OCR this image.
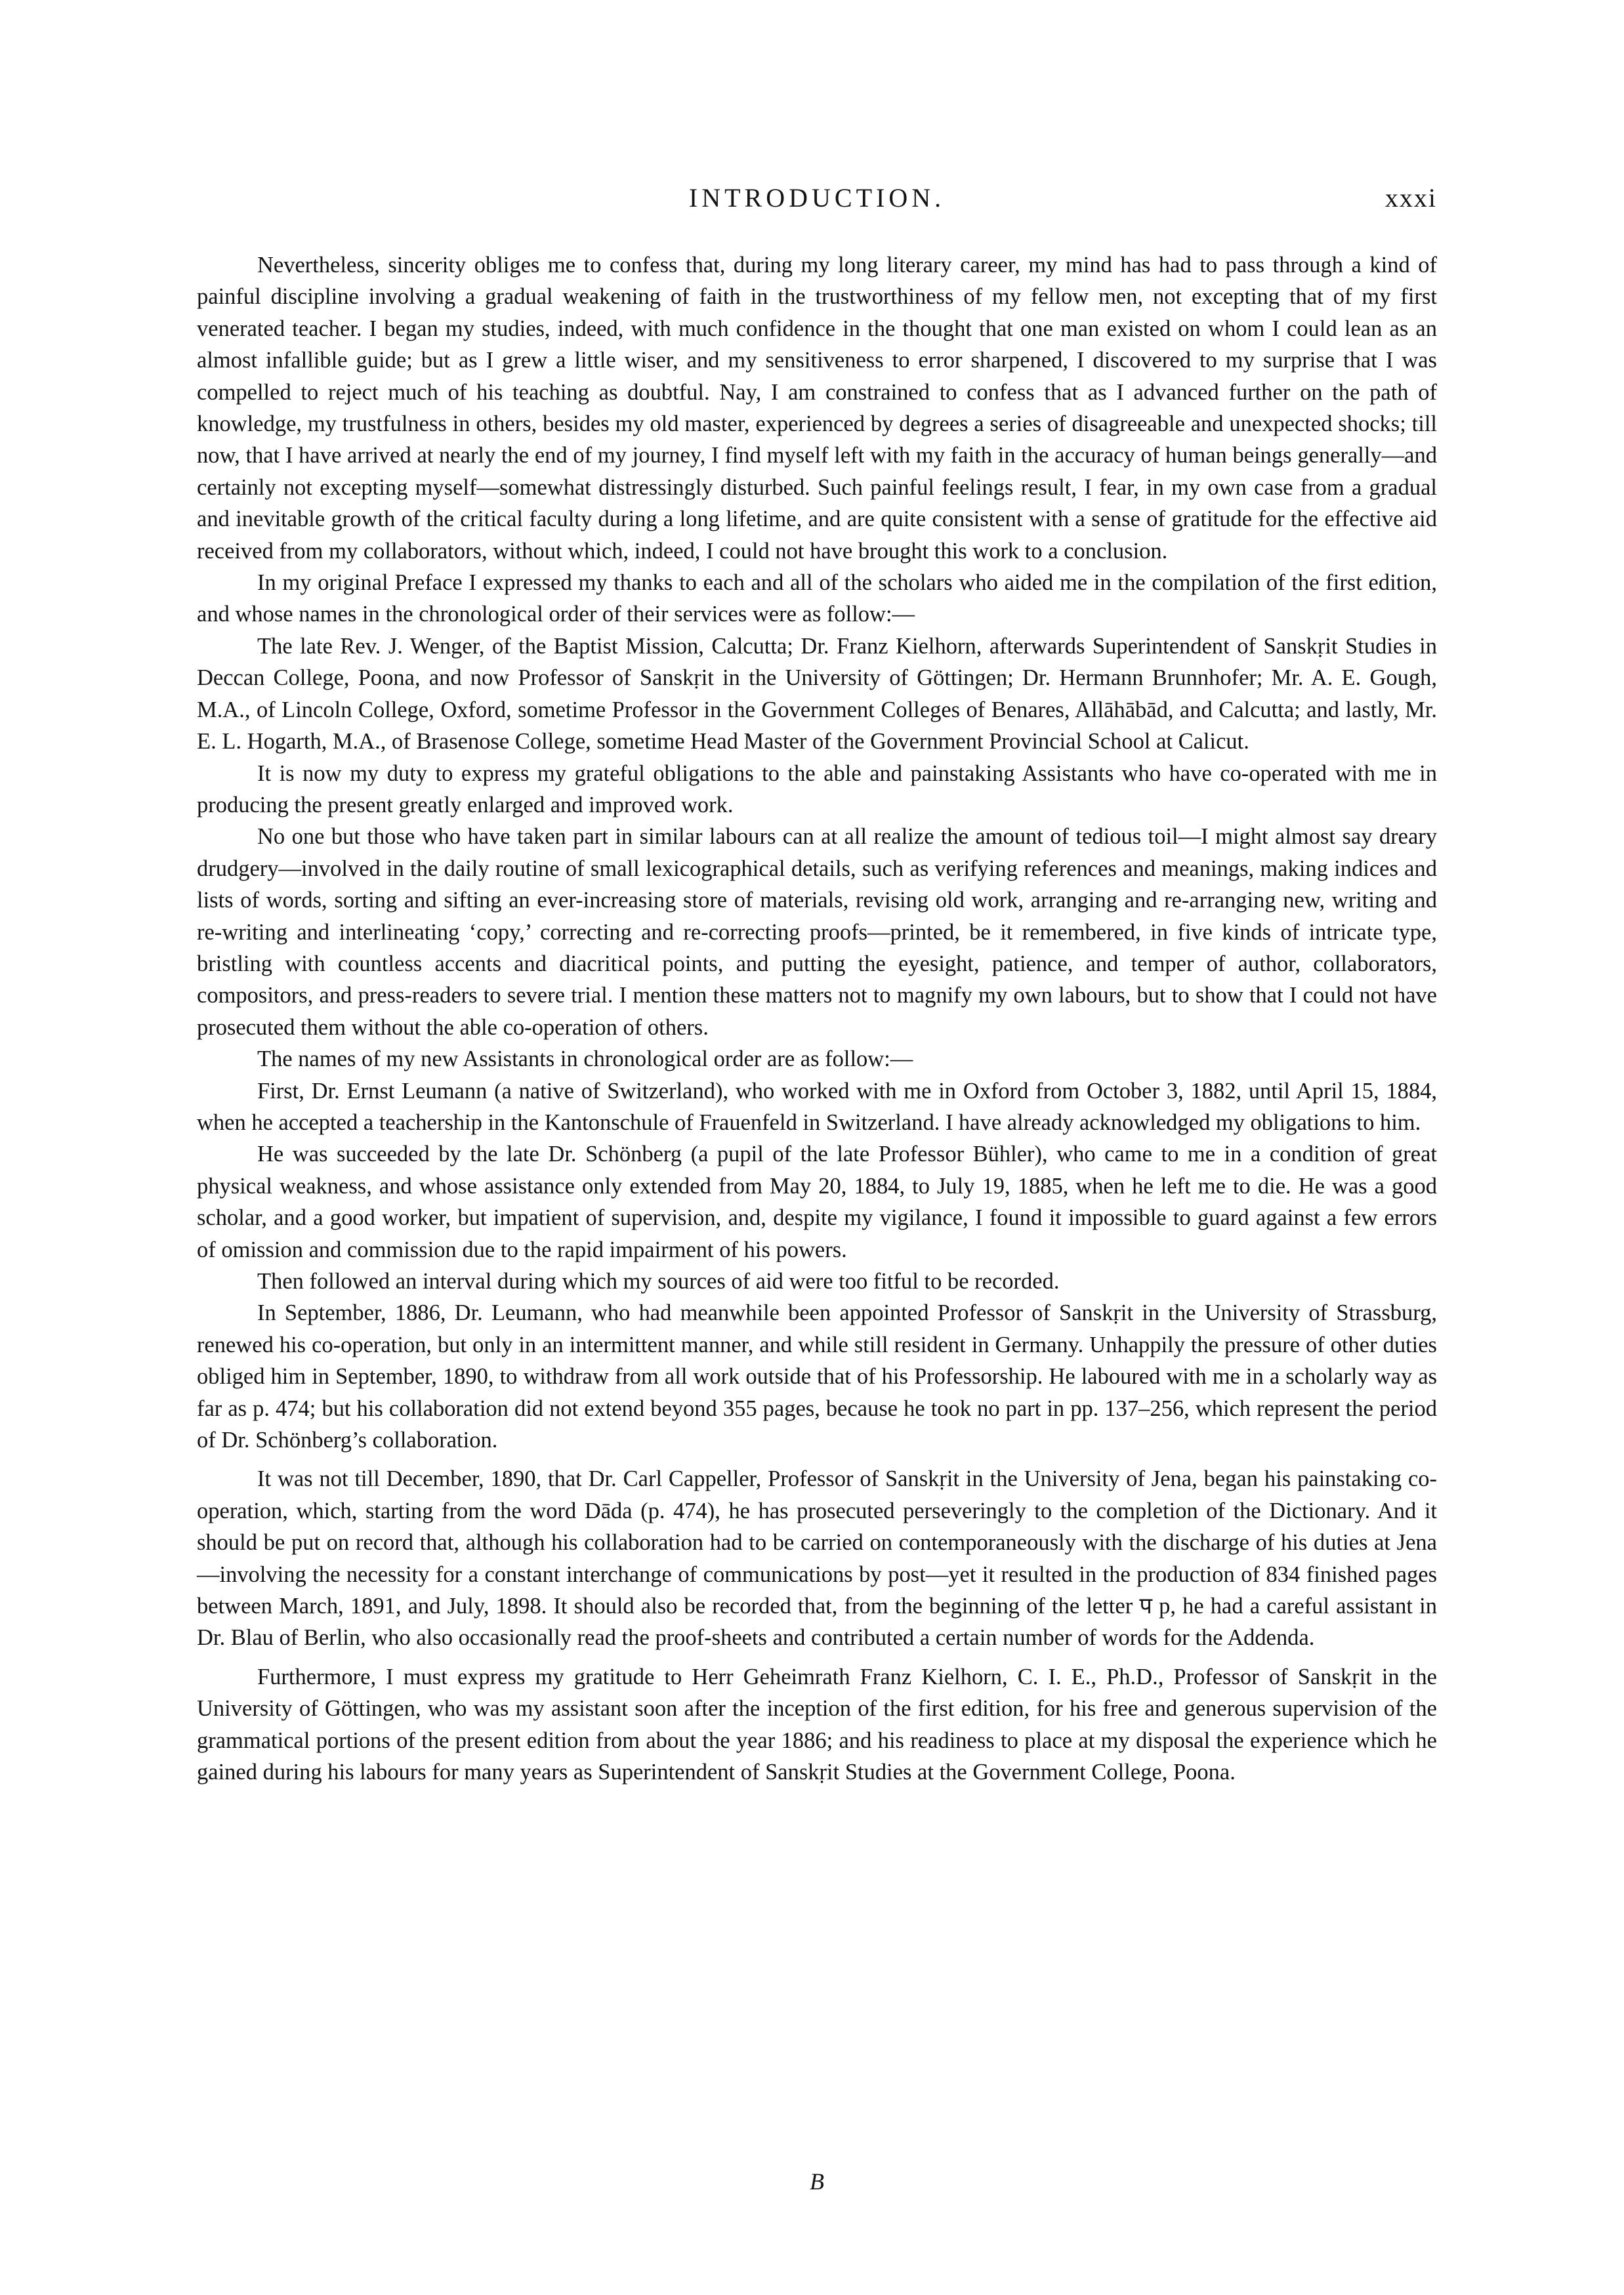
INTRODUCTION.	xxxi

Nevertheless, sincerity obliges me to confess that, during my long literary career, my mind has had to pass through a kind of painful discipline involving a gradual weakening of faith in the trustworthiness of my fellow men, not excepting that of my first venerated teacher. I began my studies, indeed, with much confidence in the thought that one man existed on whom I could lean as an almost infallible guide; but as I grew a little wiser, and my sensitiveness to error sharpened, I discovered to my surprise that I was compelled to reject much of his teaching as doubtful. Nay, I am constrained to confess that as I advanced further on the path of knowledge, my trustfulness in others, besides my old master, experienced by degrees a series of disagreeable and unexpected shocks; till now, that I have arrived at nearly the end of my journey, I find myself left with my faith in the accuracy of human beings generally—and certainly not excepting myself—somewhat distressingly disturbed. Such painful feelings result, I fear, in my own case from a gradual and inevitable growth of the critical faculty during a long lifetime, and are quite consistent with a sense of gratitude for the effective aid received from my collaborators, without which, indeed, I could not have brought this work to a conclusion.

In my original Preface I expressed my thanks to each and all of the scholars who aided me in the compilation of the first edition, and whose names in the chronological order of their services were as follow:—

The late Rev. J. Wenger, of the Baptist Mission, Calcutta; Dr. Franz Kielhorn, afterwards Superintendent of Sanskṛit Studies in Deccan College, Poona, and now Professor of Sanskṛit in the University of Göttingen; Dr. Hermann Brunnhofer; Mr. A. E. Gough, M.A., of Lincoln College, Oxford, sometime Professor in the Government Colleges of Benares, Allāhābād, and Calcutta; and lastly, Mr. E. L. Hogarth, M.A., of Brasenose College, sometime Head Master of the Government Provincial School at Calicut.

It is now my duty to express my grateful obligations to the able and painstaking Assistants who have co-operated with me in producing the present greatly enlarged and improved work.

No one but those who have taken part in similar labours can at all realize the amount of tedious toil—I might almost say dreary drudgery—involved in the daily routine of small lexicographical details, such as verifying references and meanings, making indices and lists of words, sorting and sifting an ever-increasing store of materials, revising old work, arranging and re-arranging new, writing and re-writing and interlineating ‘copy,’ correcting and re-correcting proofs—printed, be it remembered, in five kinds of intricate type, bristling with countless accents and diacritical points, and putting the eyesight, patience, and temper of author, collaborators, compositors, and press-readers to severe trial. I mention these matters not to magnify my own labours, but to show that I could not have prosecuted them without the able co-operation of others.

The names of my new Assistants in chronological order are as follow:—

First, Dr. Ernst Leumann (a native of Switzerland), who worked with me in Oxford from October 3, 1882, until April 15, 1884, when he accepted a teachership in the Kantonschule of Frauenfeld in Switzerland. I have already acknowledged my obligations to him.

He was succeeded by the late Dr. Schönberg (a pupil of the late Professor Bühler), who came to me in a condition of great physical weakness, and whose assistance only extended from May 20, 1884, to July 19, 1885, when he left me to die. He was a good scholar, and a good worker, but impatient of supervision, and, despite my vigilance, I found it impossible to guard against a few errors of omission and commission due to the rapid impairment of his powers.

Then followed an interval during which my sources of aid were too fitful to be recorded.

In September, 1886, Dr. Leumann, who had meanwhile been appointed Professor of Sanskṛit in the University of Strassburg, renewed his co-operation, but only in an intermittent manner, and while still resident in Germany. Unhappily the pressure of other duties obliged him in September, 1890, to withdraw from all work outside that of his Professorship. He laboured with me in a scholarly way as far as p. 474; but his collaboration did not extend beyond 355 pages, because he took no part in pp. 137–256, which represent the period of Dr. Schönberg’s collaboration.

It was not till December, 1890, that Dr. Carl Cappeller, Professor of Sanskṛit in the University of Jena, began his painstaking co-operation, which, starting from the word Dāda (p. 474), he has prosecuted perseveringly to the completion of the Dictionary. And it should be put on record that, although his collaboration had to be carried on contemporaneously with the discharge of his duties at Jena—involving the necessity for a constant interchange of communications by post—yet it resulted in the production of 834 finished pages between March, 1891, and July, 1898. It should also be recorded that, from the beginning of the letter प p, he had a careful assistant in Dr. Blau of Berlin, who also occasionally read the proof-sheets and contributed a certain number of words for the Addenda.

Furthermore, I must express my gratitude to Herr Geheimrath Franz Kielhorn, C. I. E., Ph.D., Professor of Sanskṛit in the University of Göttingen, who was my assistant soon after the inception of the first edition, for his free and generous supervision of the grammatical portions of the present edition from about the year 1886; and his readiness to place at my disposal the experience which he gained during his labours for many years as Superintendent of Sanskṛit Studies at the Government College, Poona.

B
